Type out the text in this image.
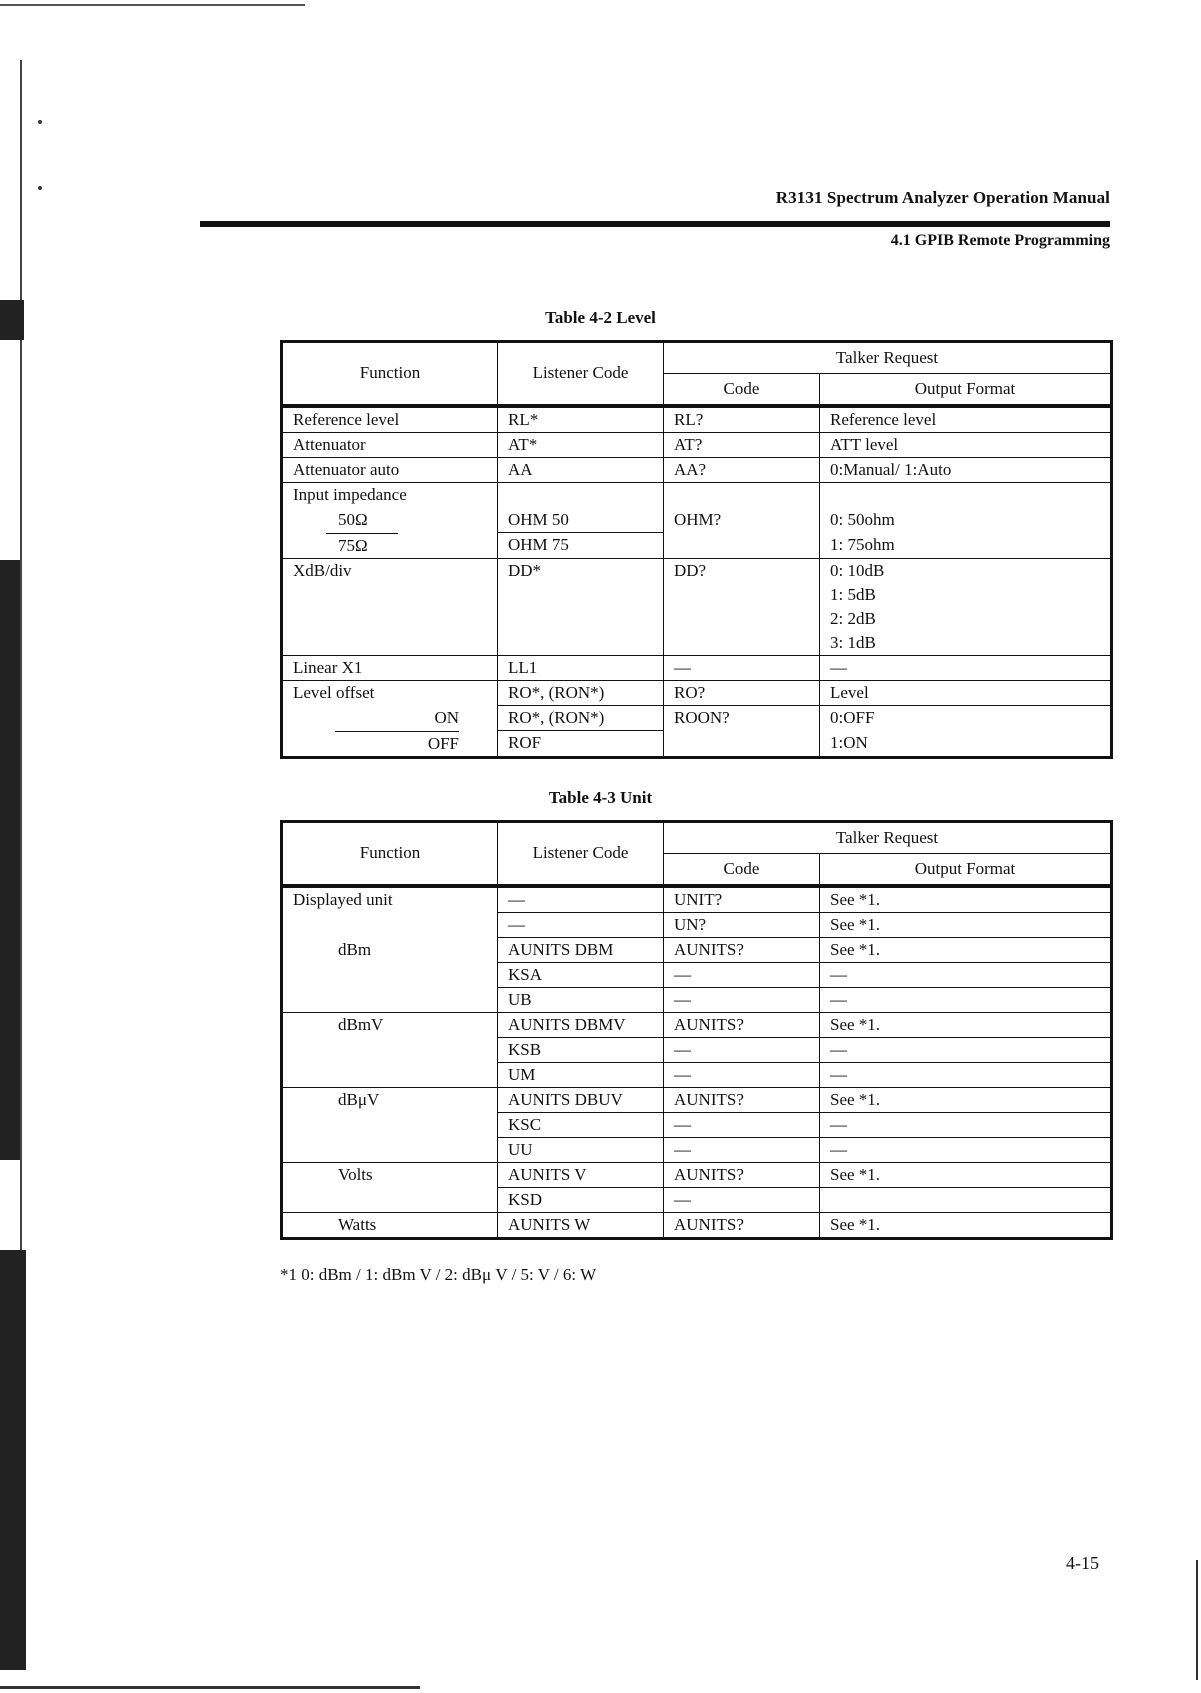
R3131 Spectrum Analyzer Operation Manual
4.1 GPIB Remote Programming
Table 4-2 Level
Function	Listener Code	Talker Request	
		Code	Output Format
Reference level	RL*	RL?	Reference level
Attenuator	AT*	AT?	ATT level
Attenuator auto	AA	AA?	0:Manual/ 1:Auto
Input impedance		OHM?	
50Ω	OHM 50		0: 50ohm
75Ω	OHM 75		1: 75ohm
XdB/div	DD*	DD?	0: 10dB
1: 5dB
2: 2dB
3: 1dB
Linear X1	LL1	—	—
Level offset	RO*, (RON*)	RO?	Level
ON	RO*, (RON*)	ROON?	0:OFF

OFF	ROF		1:ON
Table 4-3 Unit
Function	Listener Code	Talker Request	
		Code	Output Format
Displayed unit	—	UNIT?	See *1.
	—	UN?	See *1.
dBm	AUNITS DBM	AUNITS?	See *1.
	KSA	—	—
	UB	—	—
dBmV	AUNITS DBMV	AUNITS?	See *1.
	KSB	—	—
	UM	—	—
dBμV	AUNITS DBUV	AUNITS?	See *1.
	KSC	—	—
	UU	—	—
Volts	AUNITS V	AUNITS?	See *1.
	KSD	—	
Watts	AUNITS W	AUNITS?	See *1.
*1 0: dBm / 1: dBm V / 2: dBμ V / 5: V / 6: W
4-15
